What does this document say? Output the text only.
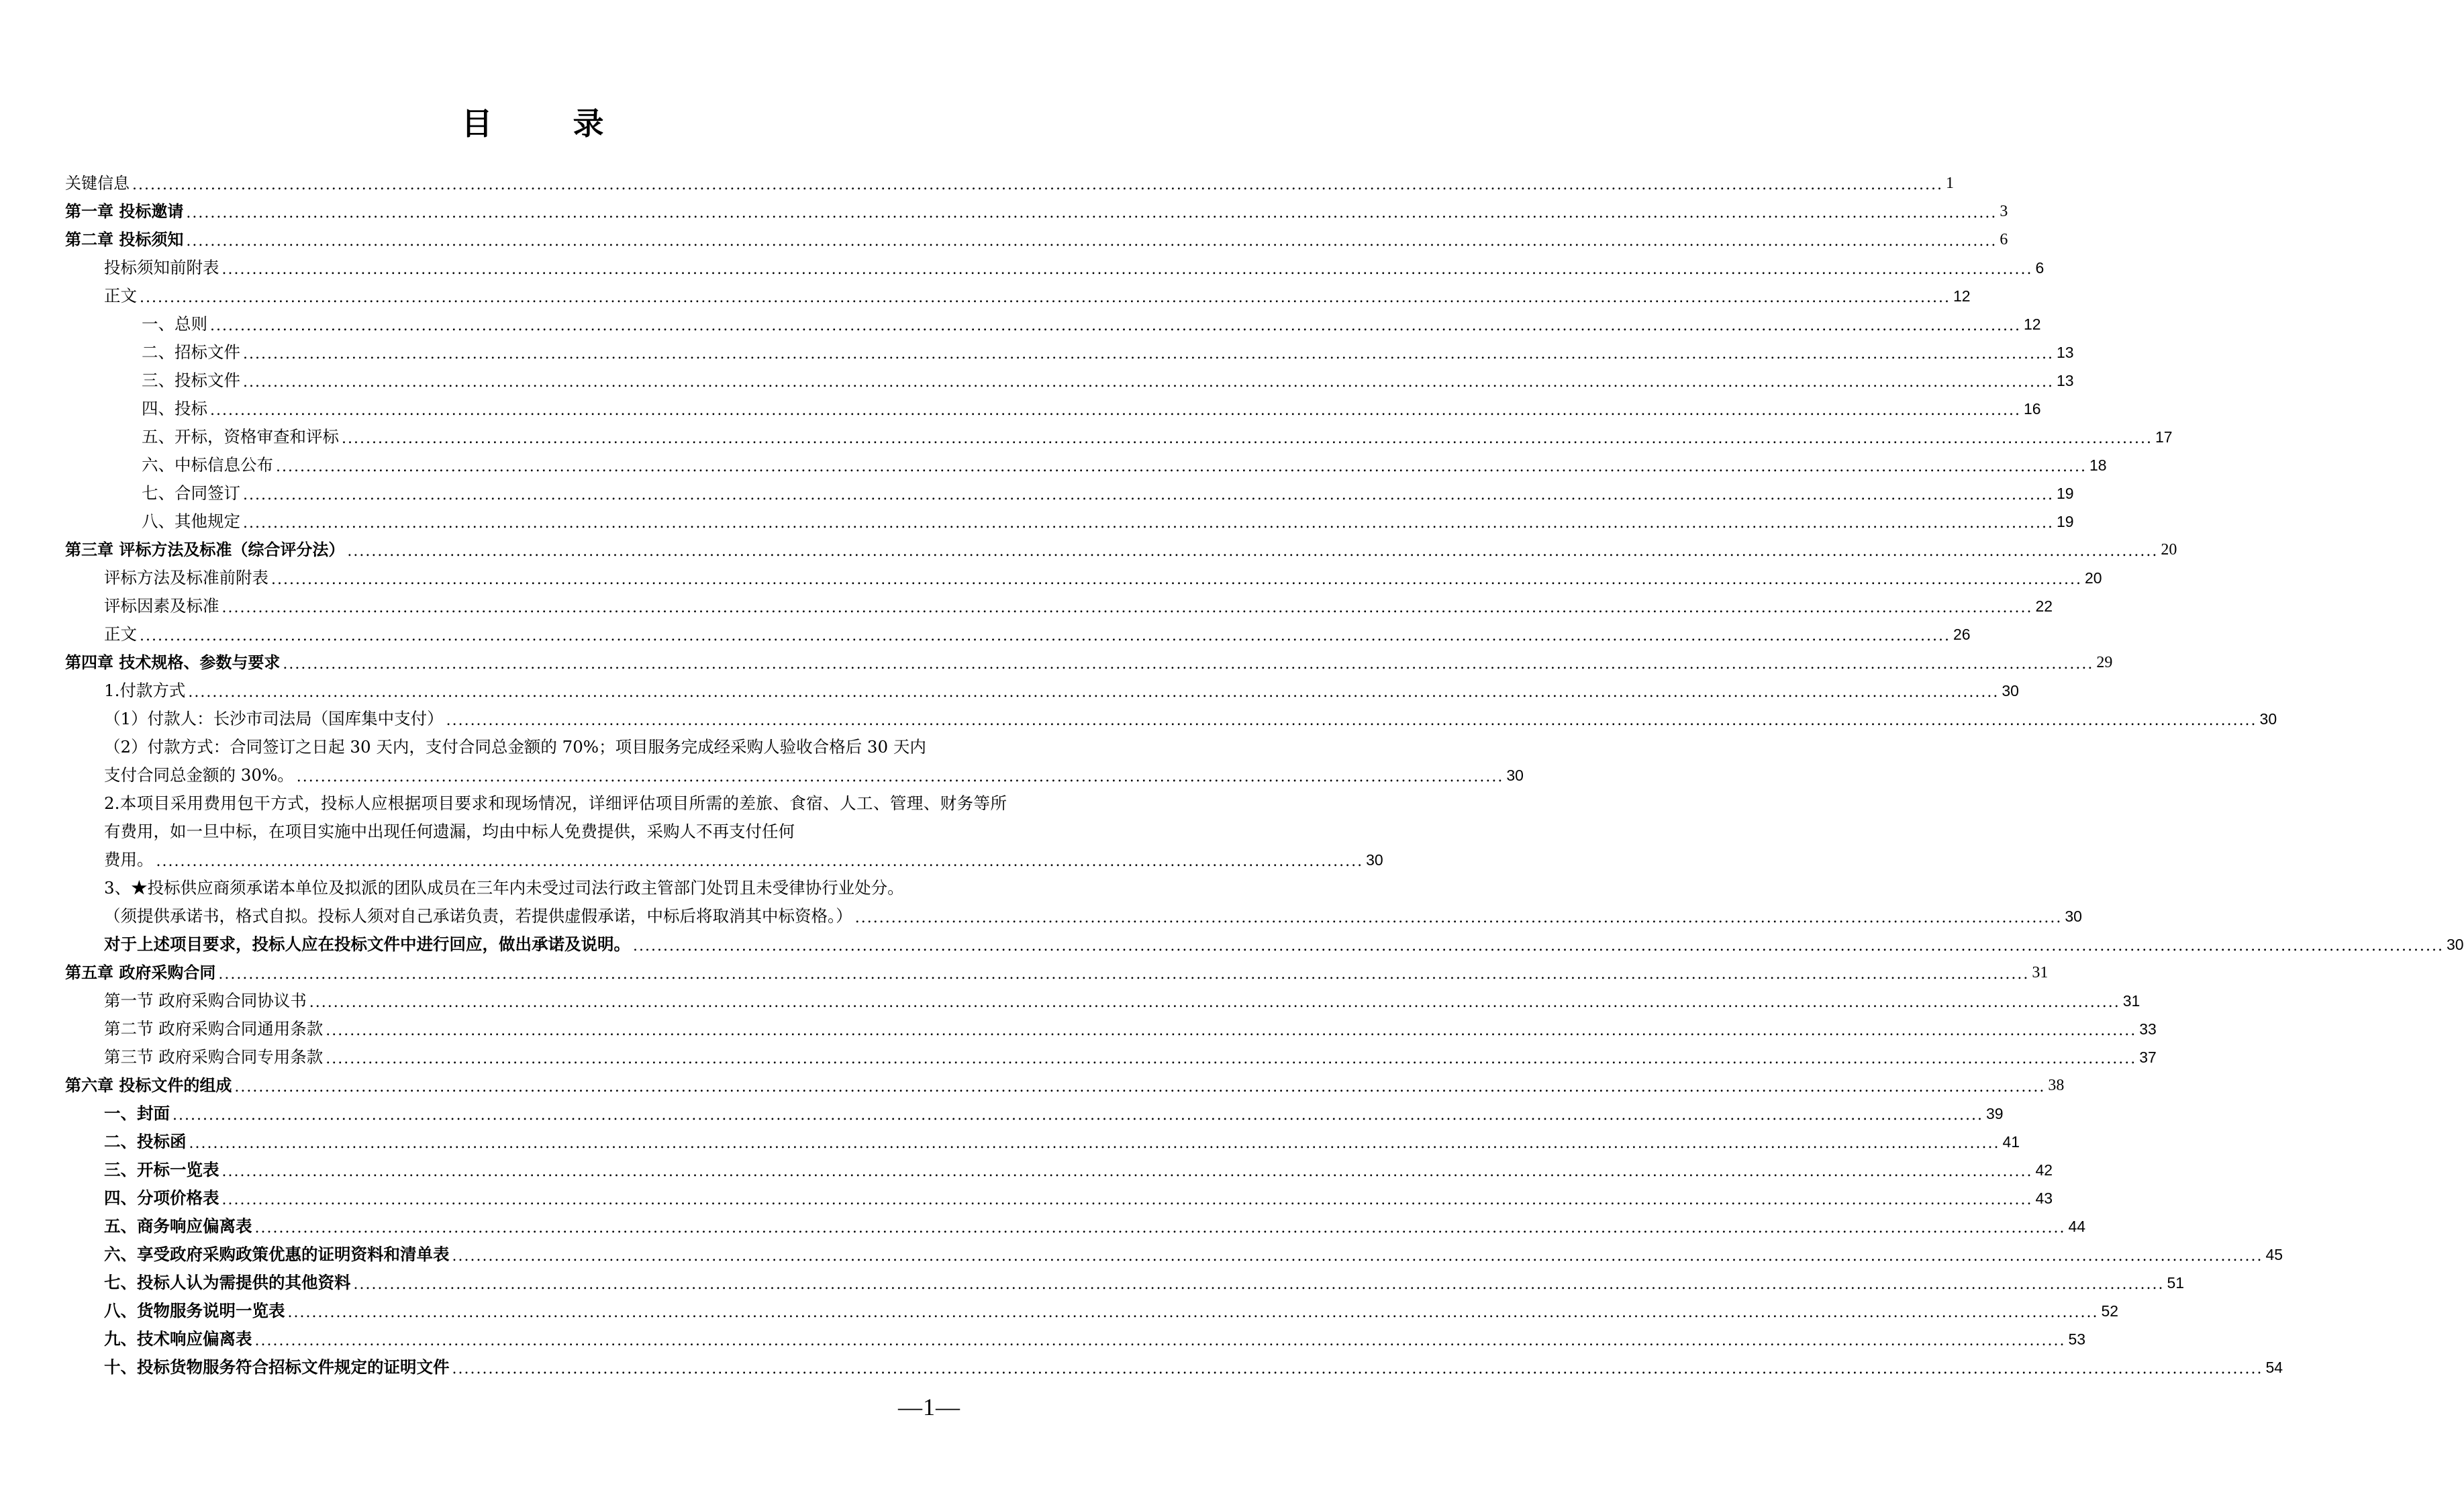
目 录
关键信息 ............................................................................................................................................................................................................................................................................................................ 1
第一章 投标邀请 ............................................................................................................................................................................................................................................................................................................ 3
第二章 投标须知 ............................................................................................................................................................................................................................................................................................................ 6
投标须知前附表 ............................................................................................................................................................................................................................................................................................................ 6
正文 ............................................................................................................................................................................................................................................................................................................ 12
一、总则 ............................................................................................................................................................................................................................................................................................................ 12
二、招标文件 ............................................................................................................................................................................................................................................................................................................ 13
三、投标文件 ............................................................................................................................................................................................................................................................................................................ 13
四、投标 ............................................................................................................................................................................................................................................................................................................ 16
五、开标，资格审查和评标 ............................................................................................................................................................................................................................................................................................................ 17
六、中标信息公布 ............................................................................................................................................................................................................................................................................................................ 18
七、合同签订 ............................................................................................................................................................................................................................................................................................................ 19
八、其他规定 ............................................................................................................................................................................................................................................................................................................ 19
第三章 评标方法及标准（综合评分法） ............................................................................................................................................................................................................................................................................................................ 20
评标方法及标准前附表 ............................................................................................................................................................................................................................................................................................................ 20
评标因素及标准 ............................................................................................................................................................................................................................................................................................................ 22
正文 ............................................................................................................................................................................................................................................................................................................ 26
第四章 技术规格、参数与要求 ............................................................................................................................................................................................................................................................................................................ 29
1.付款方式 ............................................................................................................................................................................................................................................................................................................ 30
（1）付款人：长沙市司法局（国库集中支付） ............................................................................................................................................................................................................................................................................................................ 30
（2）付款方式：合同签订之日起 30 天内，支付合同总金额的 70%；项目服务完成经采购人验收合格后 30 天内
支付合同总金额的 30%。 ........................................................................................................................................................................................................ 30
2.本项目采用费用包干方式，投标人应根据项目要求和现场情况，详细评估项目所需的差旅、食宿、人工、管理、财务等所有费用，如一旦中标，在项目实施中出现任何遗漏，均由中标人免费提供，采购人不再支付任何
费用。 ........................................................................................................................................................................................................ 30
3、★投标供应商须承诺本单位及拟派的团队成员在三年内未受过司法行政主管部门处罚且未受律协行业处分。
（须提供承诺书，格式自拟。投标人须对自己承诺负责，若提供虚假承诺，中标后将取消其中标资格。） ........................................................................................................................................................................................................ 30
对于上述项目要求，投标人应在投标文件中进行回应，做出承诺及说明。 ............................................................................................................................................................................................................................................................................................................ 30
第五章 政府采购合同 ............................................................................................................................................................................................................................................................................................................ 31
第一节 政府采购合同协议书 ............................................................................................................................................................................................................................................................................................................ 31
第二节 政府采购合同通用条款 ............................................................................................................................................................................................................................................................................................................ 33
第三节 政府采购合同专用条款 ............................................................................................................................................................................................................................................................................................................ 37
第六章 投标文件的组成 ............................................................................................................................................................................................................................................................................................................ 38
一、封面 ............................................................................................................................................................................................................................................................................................................ 39
二、投标函 ............................................................................................................................................................................................................................................................................................................ 41
三、开标一览表 ............................................................................................................................................................................................................................................................................................................ 42
四、分项价格表 ............................................................................................................................................................................................................................................................................................................ 43
五、商务响应偏离表 ............................................................................................................................................................................................................................................................................................................ 44
六、享受政府采购政策优惠的证明资料和清单表 ............................................................................................................................................................................................................................................................................................................ 45
七、投标人认为需提供的其他资料 ............................................................................................................................................................................................................................................................................................................ 51
八、货物服务说明一览表 ............................................................................................................................................................................................................................................................................................................ 52
九、技术响应偏离表 ............................................................................................................................................................................................................................................................................................................ 53
十、投标货物服务符合招标文件规定的证明文件 ............................................................................................................................................................................................................................................................................................................ 54
—1—
